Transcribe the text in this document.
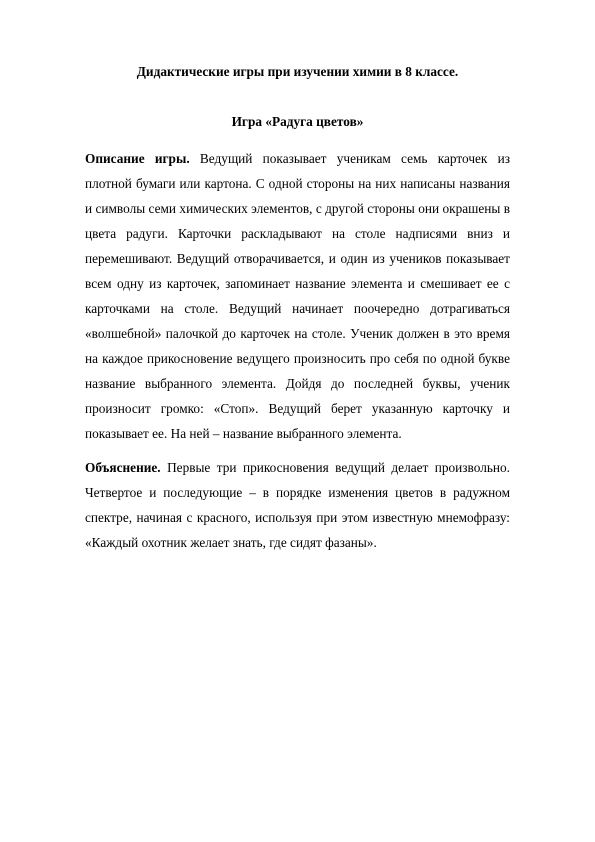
Дидактические игры при изучении химии в 8 классе.
Игра «Радуга цветов»

Описание игры. Ведущий показывает ученикам семь карточек из плотной бумаги или картона. С одной стороны на них написаны названия и символы семи химических элементов, с другой стороны они окрашены в цвета радуги. Карточки раскладывают на столе надписями вниз и перемешивают. Ведущий отворачивается, и один из учеников показывает всем одну из карточек, запоминает название элемента и смешивает ее с карточками на столе. Ведущий начинает поочередно дотрагиваться «волшебной» палочкой до карточек на столе. Ученик должен в это время на каждое прикосновение ведущего произносить про себя по одной букве название выбранного элемента. Дойдя до последней буквы, ученик произносит громко: «Стоп». Ведущий берет указанную карточку и показывает ее. На ней – название выбранного элемента.

Объяснение. Первые три прикосновения ведущий делает произвольно. Четвертое и последующие – в порядке изменения цветов в радужном спектре, начиная с красного, используя при этом известную мнемофразу: «Каждый охотник желает знать, где сидят фазаны».
